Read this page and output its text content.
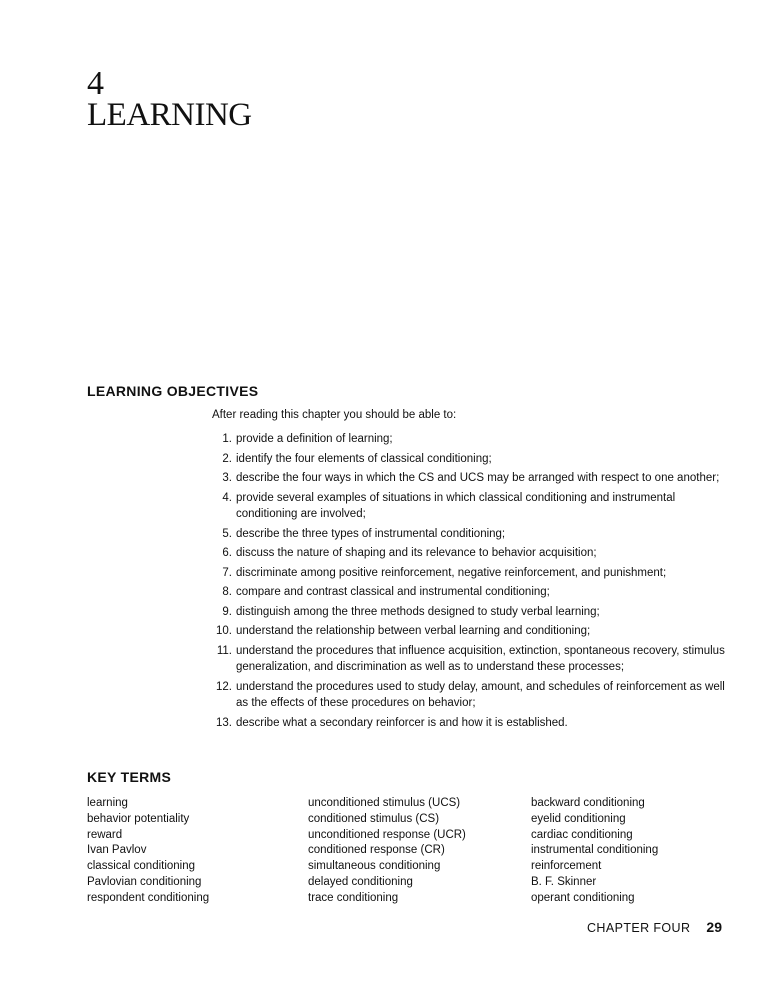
4
LEARNING
LEARNING OBJECTIVES
After reading this chapter you should be able to:
1. provide a definition of learning;
2. identify the four elements of classical conditioning;
3. describe the four ways in which the CS and UCS may be arranged with respect to one another;
4. provide several examples of situations in which classical conditioning and instrumental conditioning are involved;
5. describe the three types of instrumental conditioning;
6. discuss the nature of shaping and its relevance to behavior acquisition;
7. discriminate among positive reinforcement, negative reinforcement, and punishment;
8. compare and contrast classical and instrumental conditioning;
9. distinguish among the three methods designed to study verbal learning;
10. understand the relationship between verbal learning and conditioning;
11. understand the procedures that influence acquisition, extinction, spontaneous recovery, stimulus generalization, and discrimination as well as to understand these processes;
12. understand the procedures used to study delay, amount, and schedules of reinforcement as well as the effects of these procedures on behavior;
13. describe what a secondary reinforcer is and how it is established.
KEY TERMS
learning
behavior potentiality
reward
Ivan Pavlov
classical conditioning
Pavlovian conditioning
respondent conditioning
unconditioned stimulus (UCS)
conditioned stimulus (CS)
unconditioned response (UCR)
conditioned response (CR)
simultaneous conditioning
delayed conditioning
trace conditioning
backward conditioning
eyelid conditioning
cardiac conditioning
instrumental conditioning
reinforcement
B. F. Skinner
operant conditioning
CHAPTER FOUR 29
